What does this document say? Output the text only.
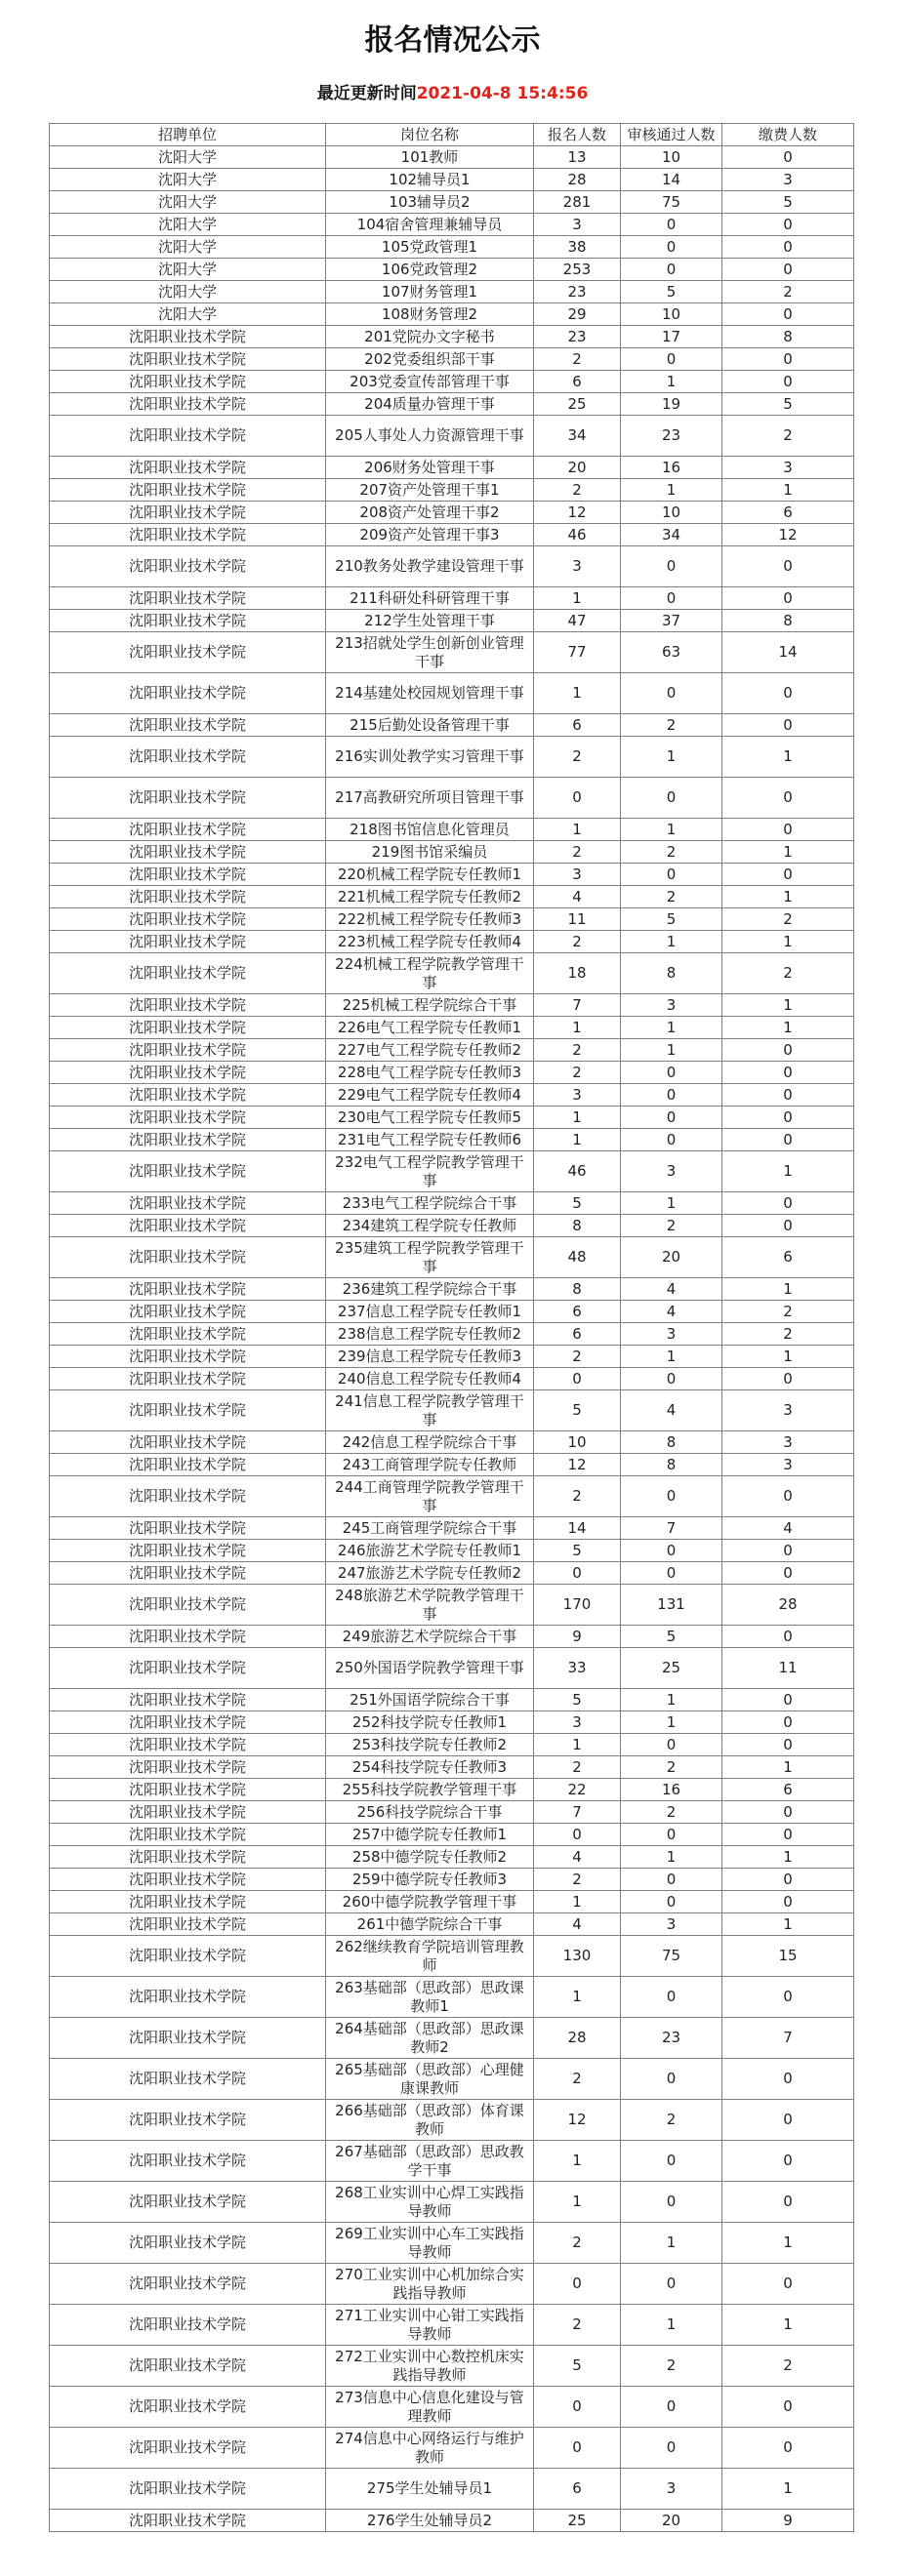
报名情况公示
最近更新时间2021-04-8 15:4:56
招聘单位	岗位名称	报名人数	审核通过人数	缴费人数
沈阳大学	101教师	13	10	0
沈阳大学	102辅导员1	28	14	3
沈阳大学	103辅导员2	281	75	5
沈阳大学	104宿舍管理兼辅导员	3	0	0
沈阳大学	105党政管理1	38	0	0
沈阳大学	106党政管理2	253	0	0
沈阳大学	107财务管理1	23	5	2
沈阳大学	108财务管理2	29	10	0
沈阳职业技术学院	201党院办文字秘书	23	17	8
沈阳职业技术学院	202党委组织部干事	2	0	0
沈阳职业技术学院	203党委宣传部管理干事	6	1	0
沈阳职业技术学院	204质量办管理干事	25	19	5
沈阳职业技术学院	205人事处人力资源管理干事	34	23	2
沈阳职业技术学院	206财务处管理干事	20	16	3
沈阳职业技术学院	207资产处管理干事1	2	1	1
沈阳职业技术学院	208资产处管理干事2	12	10	6
沈阳职业技术学院	209资产处管理干事3	46	34	12
沈阳职业技术学院	210教务处教学建设管理干事	3	0	0
沈阳职业技术学院	211科研处科研管理干事	1	0	0
沈阳职业技术学院	212学生处管理干事	47	37	8
沈阳职业技术学院	213招就处学生创新创业管理干事	77	63	14
沈阳职业技术学院	214基建处校园规划管理干事	1	0	0
沈阳职业技术学院	215后勤处设备管理干事	6	2	0
沈阳职业技术学院	216实训处教学实习管理干事	2	1	1
沈阳职业技术学院	217高教研究所项目管理干事	0	0	0
沈阳职业技术学院	218图书馆信息化管理员	1	1	0
沈阳职业技术学院	219图书馆采编员	2	2	1
沈阳职业技术学院	220机械工程学院专任教师1	3	0	0
沈阳职业技术学院	221机械工程学院专任教师2	4	2	1
沈阳职业技术学院	222机械工程学院专任教师3	11	5	2
沈阳职业技术学院	223机械工程学院专任教师4	2	1	1
沈阳职业技术学院	224机械工程学院教学管理干事	18	8	2
沈阳职业技术学院	225机械工程学院综合干事	7	3	1
沈阳职业技术学院	226电气工程学院专任教师1	1	1	1
沈阳职业技术学院	227电气工程学院专任教师2	2	1	0
沈阳职业技术学院	228电气工程学院专任教师3	2	0	0
沈阳职业技术学院	229电气工程学院专任教师4	3	0	0
沈阳职业技术学院	230电气工程学院专任教师5	1	0	0
沈阳职业技术学院	231电气工程学院专任教师6	1	0	0
沈阳职业技术学院	232电气工程学院教学管理干事	46	3	1
沈阳职业技术学院	233电气工程学院综合干事	5	1	0
沈阳职业技术学院	234建筑工程学院专任教师	8	2	0
沈阳职业技术学院	235建筑工程学院教学管理干事	48	20	6
沈阳职业技术学院	236建筑工程学院综合干事	8	4	1
沈阳职业技术学院	237信息工程学院专任教师1	6	4	2
沈阳职业技术学院	238信息工程学院专任教师2	6	3	2
沈阳职业技术学院	239信息工程学院专任教师3	2	1	1
沈阳职业技术学院	240信息工程学院专任教师4	0	0	0
沈阳职业技术学院	241信息工程学院教学管理干事	5	4	3
沈阳职业技术学院	242信息工程学院综合干事	10	8	3
沈阳职业技术学院	243工商管理学院专任教师	12	8	3
沈阳职业技术学院	244工商管理学院教学管理干事	2	0	0
沈阳职业技术学院	245工商管理学院综合干事	14	7	4
沈阳职业技术学院	246旅游艺术学院专任教师1	5	0	0
沈阳职业技术学院	247旅游艺术学院专任教师2	0	0	0
沈阳职业技术学院	248旅游艺术学院教学管理干事	170	131	28
沈阳职业技术学院	249旅游艺术学院综合干事	9	5	0
沈阳职业技术学院	250外国语学院教学管理干事	33	25	11
沈阳职业技术学院	251外国语学院综合干事	5	1	0
沈阳职业技术学院	252科技学院专任教师1	3	1	0
沈阳职业技术学院	253科技学院专任教师2	1	0	0
沈阳职业技术学院	254科技学院专任教师3	2	2	1
沈阳职业技术学院	255科技学院教学管理干事	22	16	6
沈阳职业技术学院	256科技学院综合干事	7	2	0
沈阳职业技术学院	257中德学院专任教师1	0	0	0
沈阳职业技术学院	258中德学院专任教师2	4	1	1
沈阳职业技术学院	259中德学院专任教师3	2	0	0
沈阳职业技术学院	260中德学院教学管理干事	1	0	0
沈阳职业技术学院	261中德学院综合干事	4	3	1
沈阳职业技术学院	262继续教育学院培训管理教师	130	75	15
沈阳职业技术学院	263基础部（思政部）思政课教师1	1	0	0
沈阳职业技术学院	264基础部（思政部）思政课教师2	28	23	7
沈阳职业技术学院	265基础部（思政部）心理健康课教师	2	0	0
沈阳职业技术学院	266基础部（思政部）体育课教师	12	2	0
沈阳职业技术学院	267基础部（思政部）思政教学干事	1	0	0
沈阳职业技术学院	268工业实训中心焊工实践指导教师	1	0	0
沈阳职业技术学院	269工业实训中心车工实践指导教师	2	1	1
沈阳职业技术学院	270工业实训中心机加综合实践指导教师	0	0	0
沈阳职业技术学院	271工业实训中心钳工实践指导教师	2	1	1
沈阳职业技术学院	272工业实训中心数控机床实践指导教师	5	2	2
沈阳职业技术学院	273信息中心信息化建设与管理教师	0	0	0
沈阳职业技术学院	274信息中心网络运行与维护教师	0	0	0
沈阳职业技术学院	275学生处辅导员1	6	3	1
沈阳职业技术学院	276学生处辅导员2	25	20	9
